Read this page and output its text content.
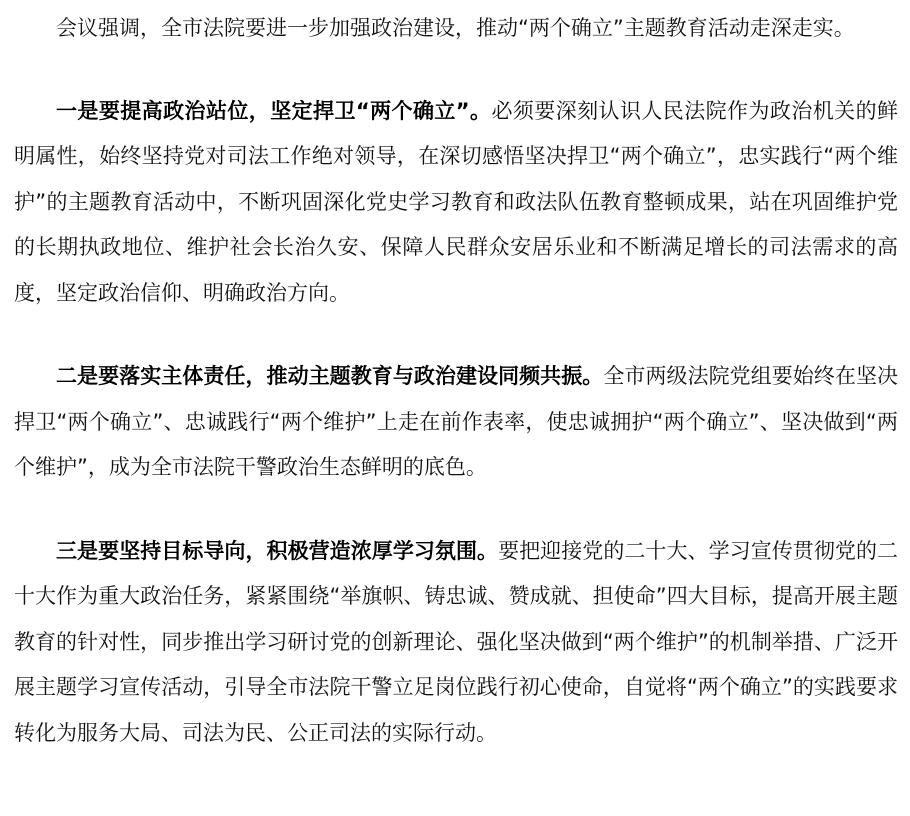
会议强调，全市法院要进一步加强政治建设，推动“两个确立”主题教育活动走深走实。

一是要提高政治站位，坚定捍卫“两个确立”。必须要深刻认识人民法院作为政治机关的鲜明属性，始终坚持党对司法工作绝对领导，在深切感悟坚决捍卫“两个确立”，忠实践行“两个维护”的主题教育活动中，不断巩固深化党史学习教育和政法队伍教育整顿成果，站在巩固维护党的长期执政地位、维护社会长治久安、保障人民群众安居乐业和不断满足增长的司法需求的高度，坚定政治信仰、明确政治方向。

二是要落实主体责任，推动主题教育与政治建设同频共振。全市两级法院党组要始终在坚决捍卫“两个确立”、忠诚践行“两个维护”上走在前作表率，使忠诚拥护“两个确立”、坚决做到“两个维护”，成为全市法院干警政治生态鲜明的底色。

三是要坚持目标导向，积极营造浓厚学习氛围。要把迎接党的二十大、学习宣传贯彻党的二十大作为重大政治任务，紧紧围绕“举旗帜、铸忠诚、赞成就、担使命”四大目标，提高开展主题教育的针对性，同步推出学习研讨党的创新理论、强化坚决做到“两个维护”的机制举措、广泛开展主题学习宣传活动，引导全市法院干警立足岗位践行初心使命，自觉将“两个确立”的实践要求转化为服务大局、司法为民、公正司法的实际行动。
